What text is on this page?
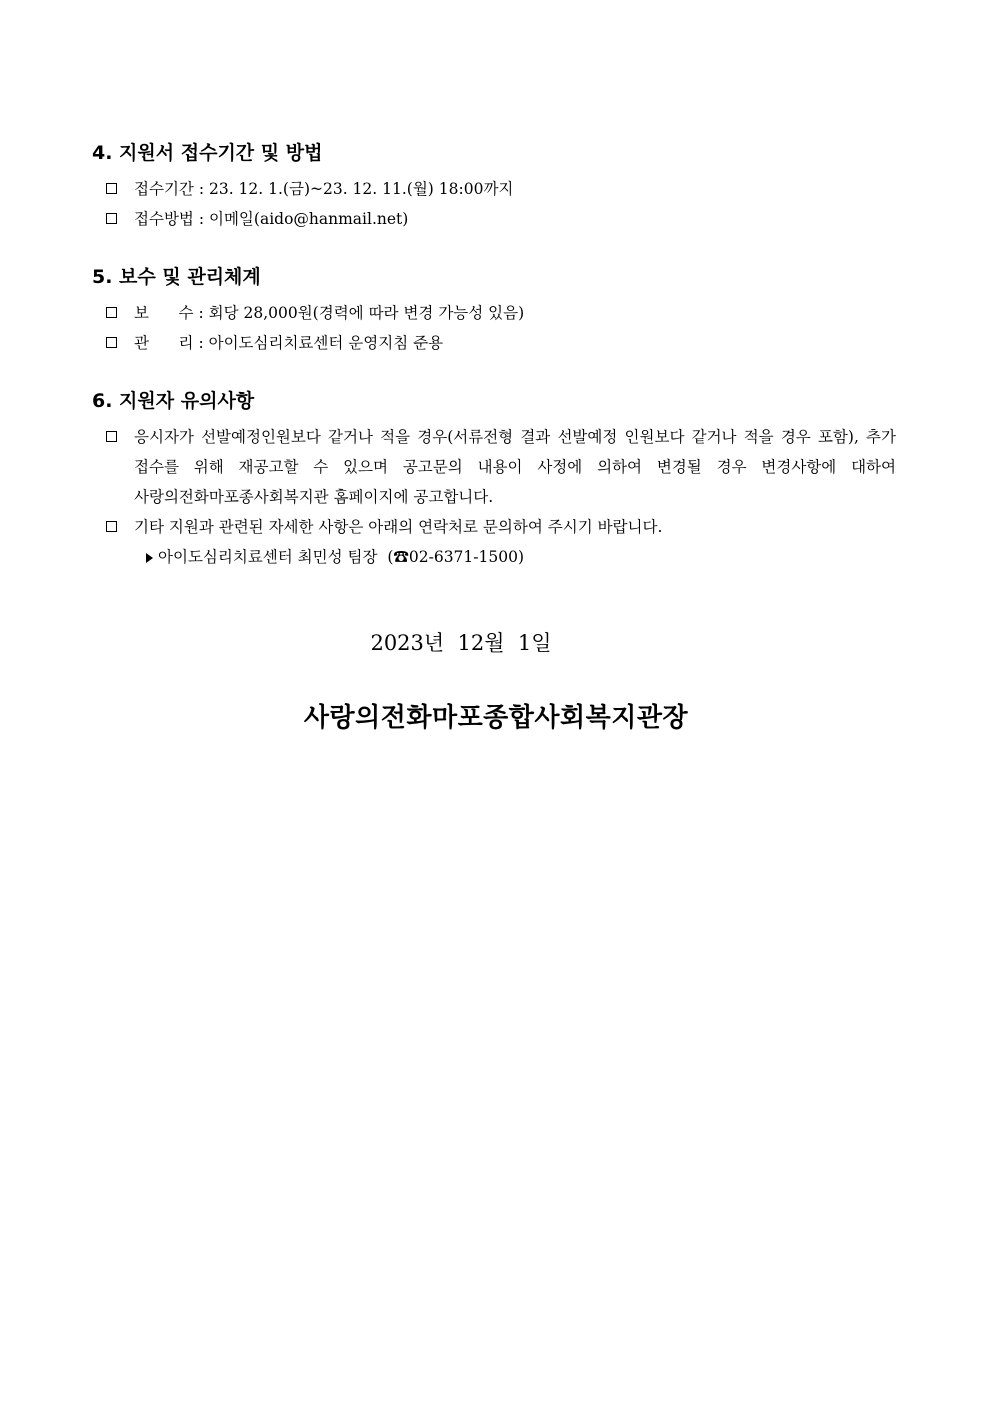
4. 지원서 접수기간 및 방법
접수기간 : 23. 12. 1.(금)~23. 12. 11.(월) 18:00까지
접수방법 : 이메일(aido@hanmail.net)
5. 보수 및 관리체계
보      수 : 회당 28,000원(경력에 따라 변경 가능성 있음)
관      리 : 아이도심리치료센터 운영지침 준용
6. 지원자 유의사항
응시자가 선발예정인원보다 같거나 적을 경우(서류전형 결과 선발예정 인원보다 같거나 적을 경우 포함), 추가 접수를 위해 재공고할 수 있으며 공고문의 내용이 사정에 의하여 변경될 경우 변경사항에 대하여 사랑의전화마포종사회복지관 홈페이지에 공고합니다.
기타 지원과 관련된 자세한 사항은 아래의 연락처로 문의하여 주시기 바랍니다.
아이도심리치료센터 최민성 팀장  (☎02-6371-1500)
2023년  12월  1일
사랑의전화마포종합사회복지관장
